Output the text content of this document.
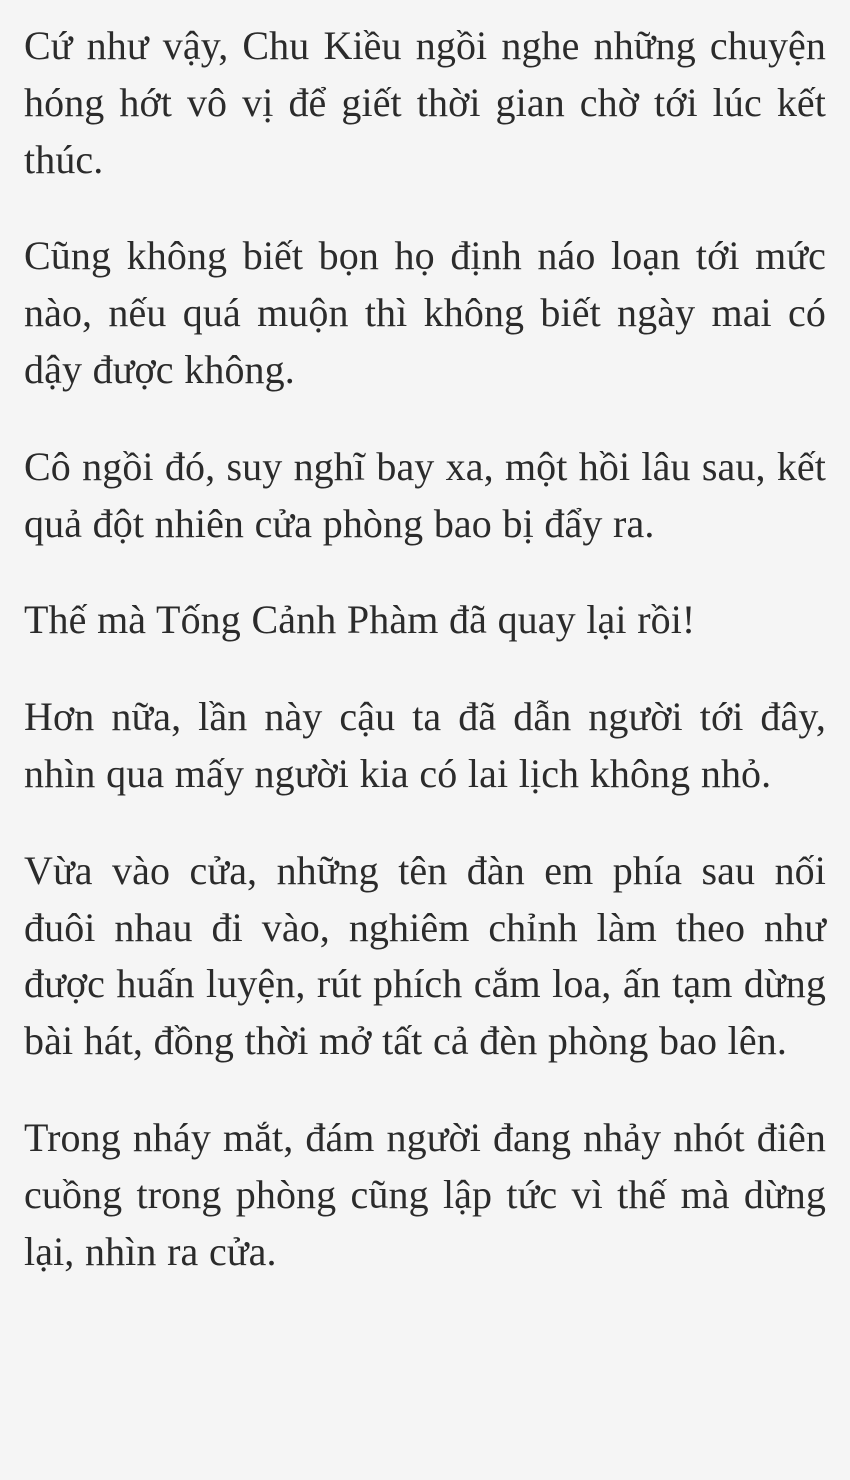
Cứ như vậy, Chu Kiều ngồi nghe những chuyện hóng hớt vô vị để giết thời gian chờ tới lúc kết thúc.

Cũng không biết bọn họ định náo loạn tới mức nào, nếu quá muộn thì không biết ngày mai có dậy được không.

Cô ngồi đó, suy nghĩ bay xa, một hồi lâu sau, kết quả đột nhiên cửa phòng bao bị đẩy ra.

Thế mà Tống Cảnh Phàm đã quay lại rồi!

Hơn nữa, lần này cậu ta đã dẫn người tới đây, nhìn qua mấy người kia có lai lịch không nhỏ.

Vừa vào cửa, những tên đàn em phía sau nối đuôi nhau đi vào, nghiêm chỉnh làm theo như được huấn luyện, rút phích cắm loa, ấn tạm dừng bài hát, đồng thời mở tất cả đèn phòng bao lên.

Trong nháy mắt, đám người đang nhảy nhót điên cuồng trong phòng cũng lập tức vì thế mà dừng lại, nhìn ra cửa.
